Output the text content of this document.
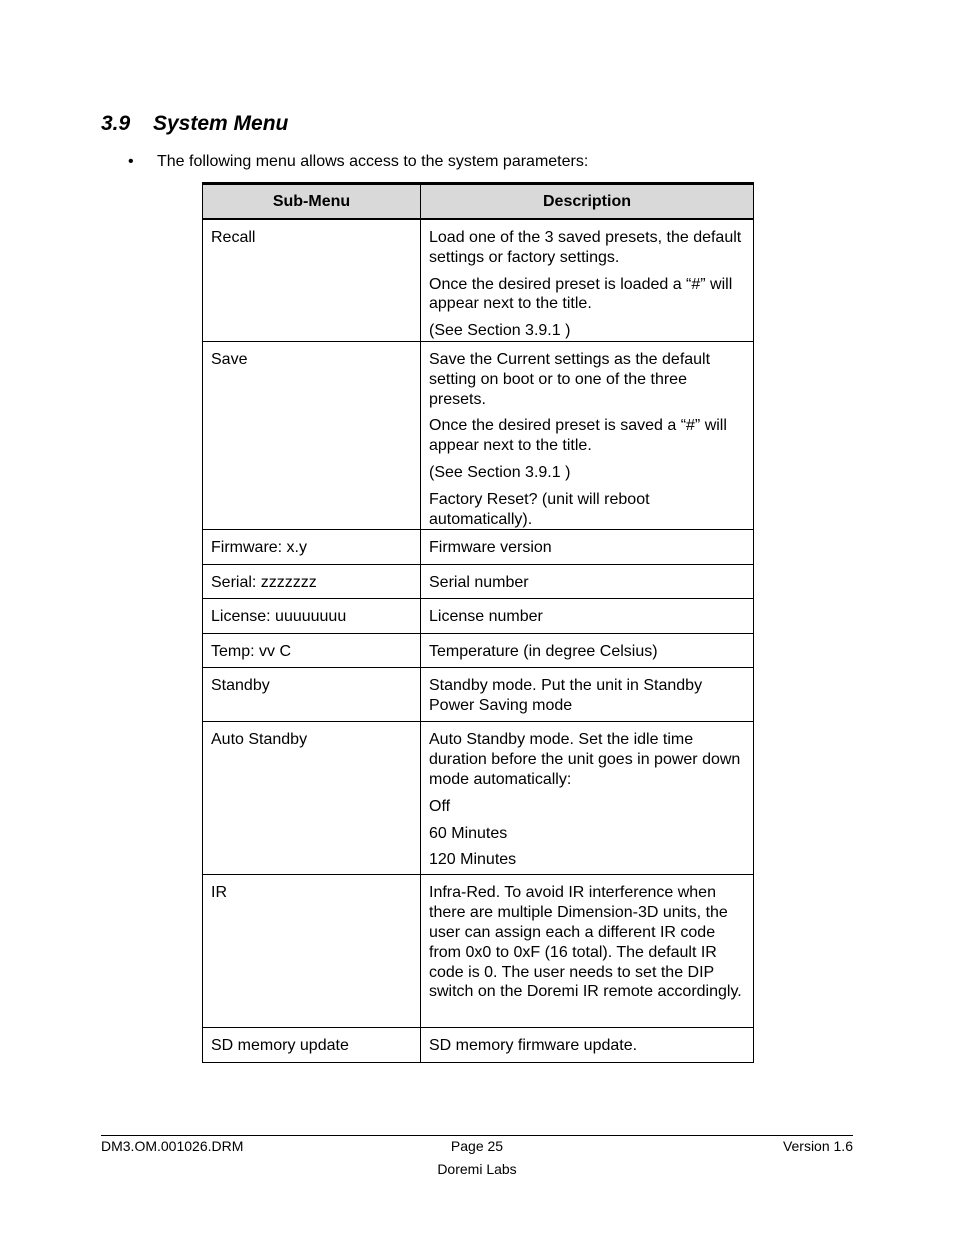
3.9 System Menu
• The following menu allows access to the system parameters:
Sub-Menu	Description
Recall	Load one of the 3 saved presets, the default settings or factory settings.

Once the desired preset is loaded a “#” will appear next to the title.

(See Section 3.9.1 )

Save	Save the Current settings as the default setting on boot or to one of the three presets.

Once the desired preset is saved a “#” will appear next to the title.

(See Section 3.9.1 )

Factory Reset? (unit will reboot automatically).

Firmware: x.y	Firmware version

Serial: zzzzzzz	Serial number

License: uuuuuuuu	License number

Temp: vv C	Temperature (in degree Celsius)

Standby	Standby mode. Put the unit in Standby Power Saving mode

Auto Standby	Auto Standby mode. Set the idle time duration before the unit goes in power down mode automatically:

Off

60 Minutes

120 Minutes

IR	Infra-Red. To avoid IR interference when there are multiple Dimension-3D units, the user can assign each a different IR code from 0x0 to 0xF (16 total). The default IR code is 0. The user needs to set the DIP switch on the Doremi IR remote accordingly.

SD memory update	SD memory firmware update.

DM3.OM.001026.DRM	Page 25	Version 1.6
Doremi Labs
